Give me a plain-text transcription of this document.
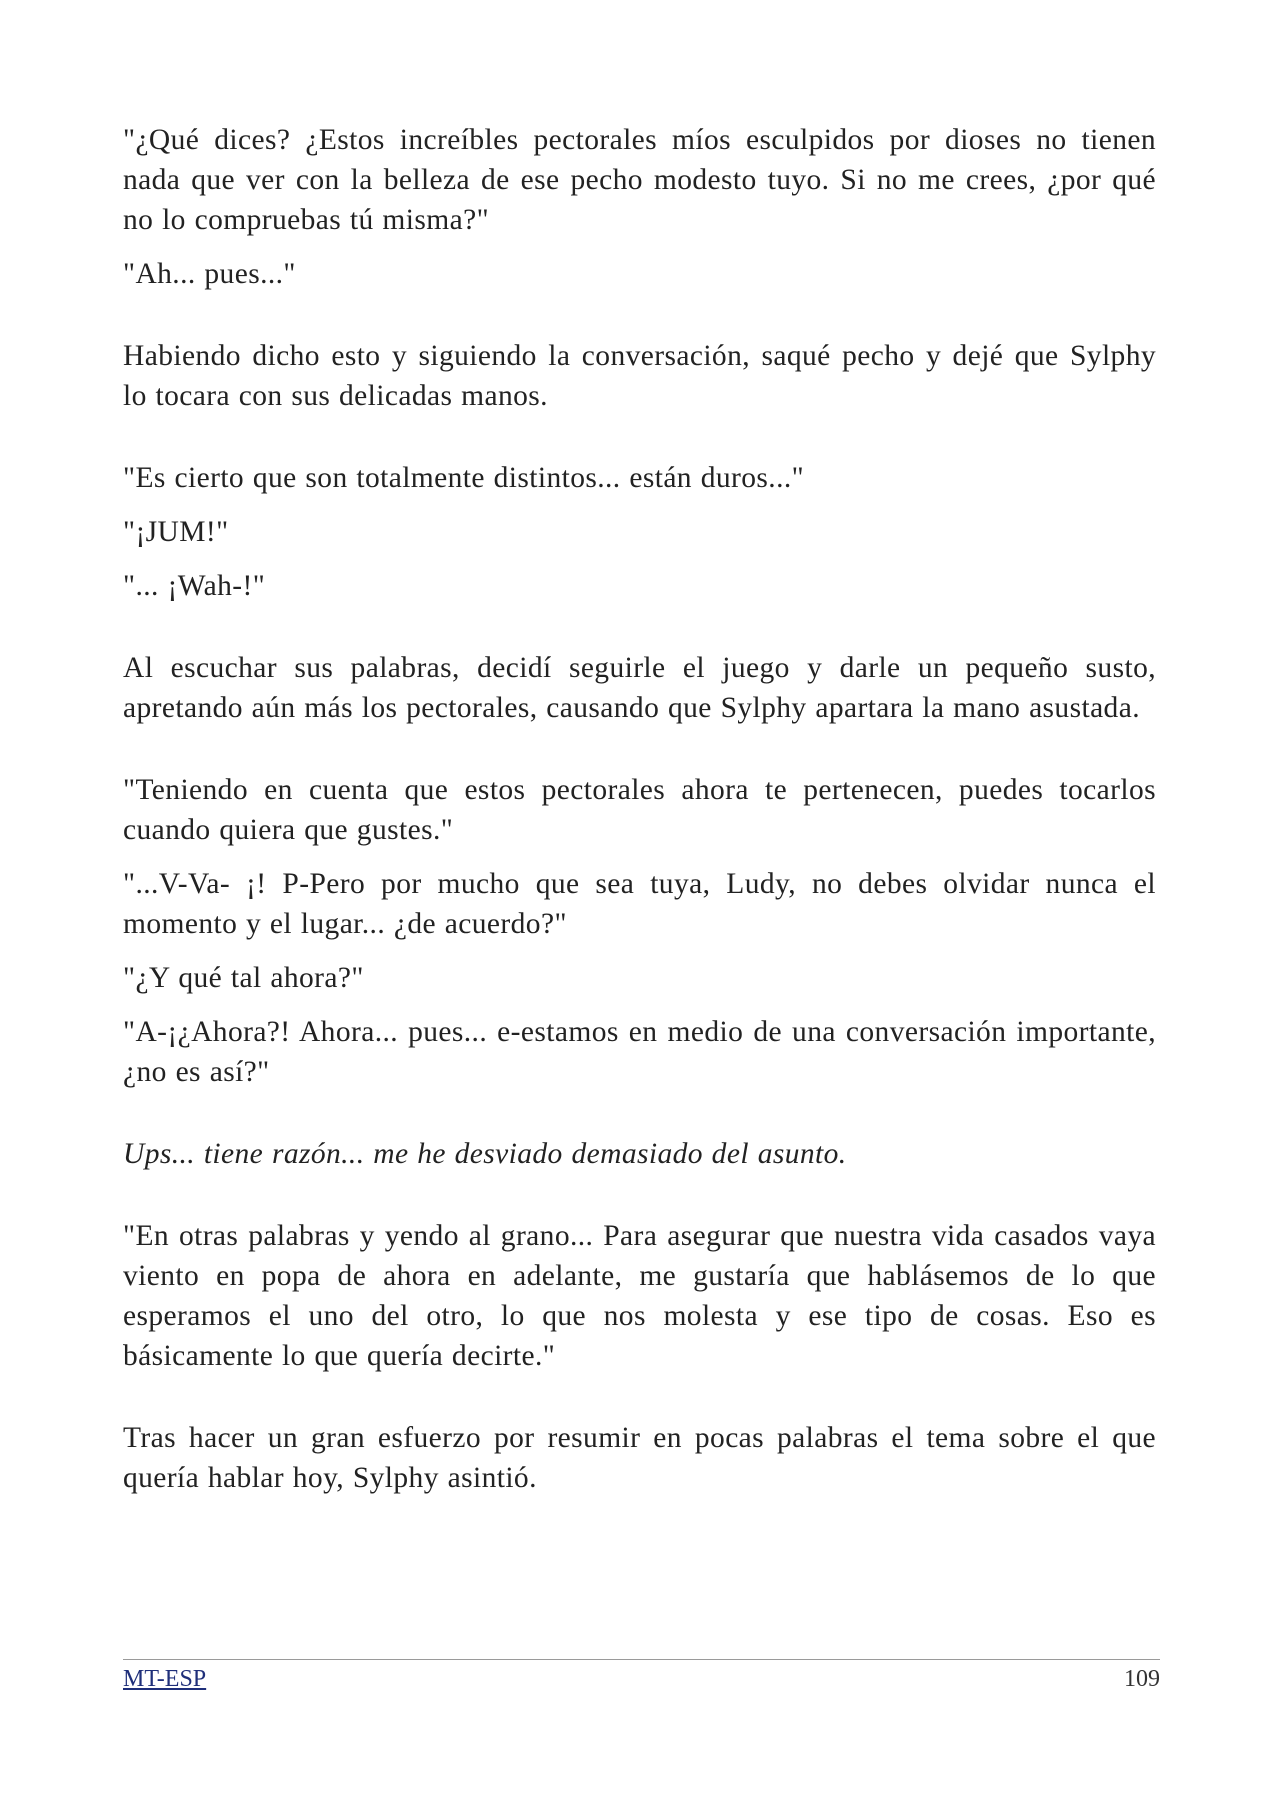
"¿Qué dices? ¿Estos increíbles pectorales míos esculpidos por dioses no tienen nada que ver con la belleza de ese pecho modesto tuyo. Si no me crees, ¿por qué no lo compruebas tú misma?"

"Ah... pues..."

Habiendo dicho esto y siguiendo la conversación, saqué pecho y dejé que Sylphy lo tocara con sus delicadas manos.

"Es cierto que son totalmente distintos... están duros..."

"¡JUM!"

"... ¡Wah-!"

Al escuchar sus palabras, decidí seguirle el juego y darle un pequeño susto, apretando aún más los pectorales, causando que Sylphy apartara la mano asustada.

"Teniendo en cuenta que estos pectorales ahora te pertenecen, puedes tocarlos cuando quiera que gustes."

"...V-Va- ¡! P-Pero por mucho que sea tuya, Ludy, no debes olvidar nunca el momento y el lugar... ¿de acuerdo?"

"¿Y qué tal ahora?"

"A-¡¿Ahora?! Ahora... pues... e-estamos en medio de una conversación importante, ¿no es así?"

Ups... tiene razón... me he desviado demasiado del asunto.

"En otras palabras y yendo al grano... Para asegurar que nuestra vida casados vaya viento en popa de ahora en adelante, me gustaría que hablásemos de lo que esperamos el uno del otro, lo que nos molesta y ese tipo de cosas. Eso es básicamente lo que quería decirte."

Tras hacer un gran esfuerzo por resumir en pocas palabras el tema sobre el que quería hablar hoy, Sylphy asintió.

MT-ESP	109
